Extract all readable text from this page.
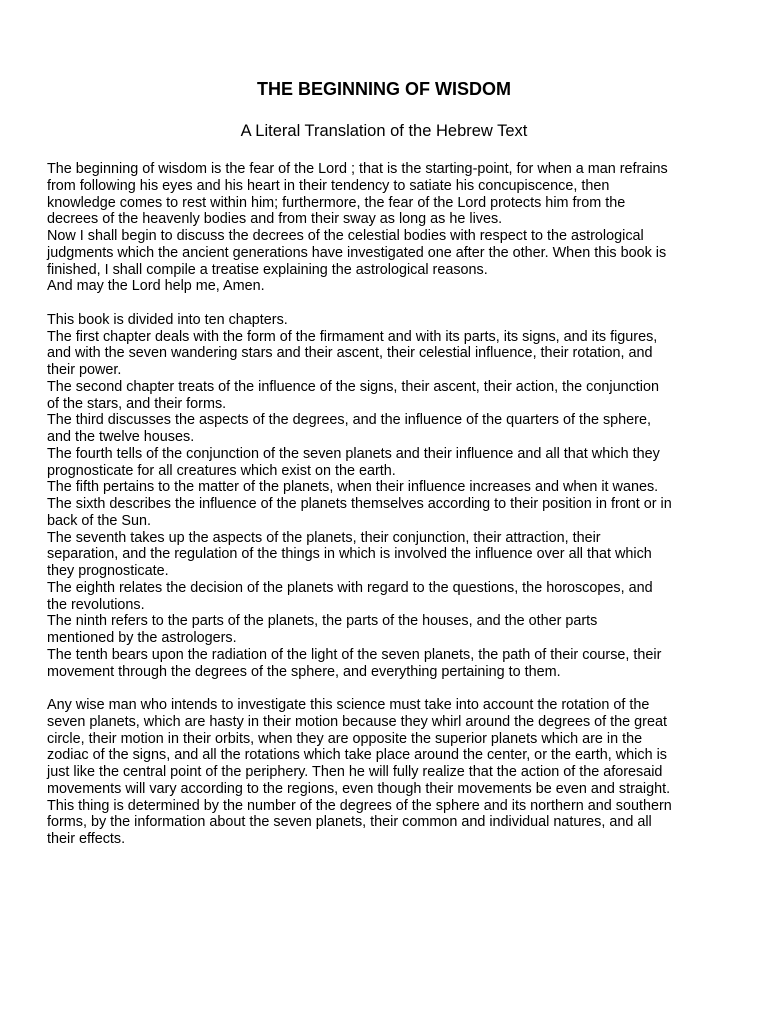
THE BEGINNING OF WISDOM
A Literal Translation of the Hebrew Text
The beginning of wisdom is the fear of the Lord ; that is the starting-point, for when a man refrains
from following his eyes and his heart in their tendency to satiate his concupiscence, then
knowledge comes to rest within him; furthermore, the fear of the Lord protects him from the
decrees of the heavenly bodies and from their sway as long as he lives.
Now I shall begin to discuss the decrees of the celestial bodies with respect to the astrological
judgments which the ancient generations have investigated one after the other. When this book is
finished, I shall compile a treatise explaining the astrological reasons.
And may the Lord help me, Amen.
This book is divided into ten chapters.
The first chapter deals with the form of the firmament and with its parts, its signs, and its figures,
and with the seven wandering stars and their ascent, their celestial influence, their rotation, and
their power.
The second chapter treats of the influence of the signs, their ascent, their action, the conjunction
of the stars, and their forms.
The third discusses the aspects of the degrees, and the influence of the quarters of the sphere,
and the twelve houses.
The fourth tells of the conjunction of the seven planets and their influence and all that which they
prognosticate for all creatures which exist on the earth.
The fifth pertains to the matter of the planets, when their influence increases and when it wanes.
The sixth describes the influence of the planets themselves according to their position in front or in
back of the Sun.
The seventh takes up the aspects of the planets, their conjunction, their attraction, their
separation, and the regulation of the things in which is involved the influence over all that which
they prognosticate.
The eighth relates the decision of the planets with regard to the questions, the horoscopes, and
the revolutions.
The ninth refers to the parts of the planets, the parts of the houses, and the other parts
mentioned by the astrologers.
The tenth bears upon the radiation of the light of the seven planets, the path of their course, their
movement through the degrees of the sphere, and everything pertaining to them.
Any wise man who intends to investigate this science must take into account the rotation of the
seven planets, which are hasty in their motion because they whirl around the degrees of the great
circle, their motion in their orbits, when they are opposite the superior planets which are in the
zodiac of the signs, and all the rotations which take place around the center, or the earth, which is
just like the central point of the periphery. Then he will fully realize that the action of the aforesaid
movements will vary according to the regions, even though their movements be even and straight.
This thing is determined by the number of the degrees of the sphere and its northern and southern
forms, by the information about the seven planets, their common and individual natures, and all
their effects.
